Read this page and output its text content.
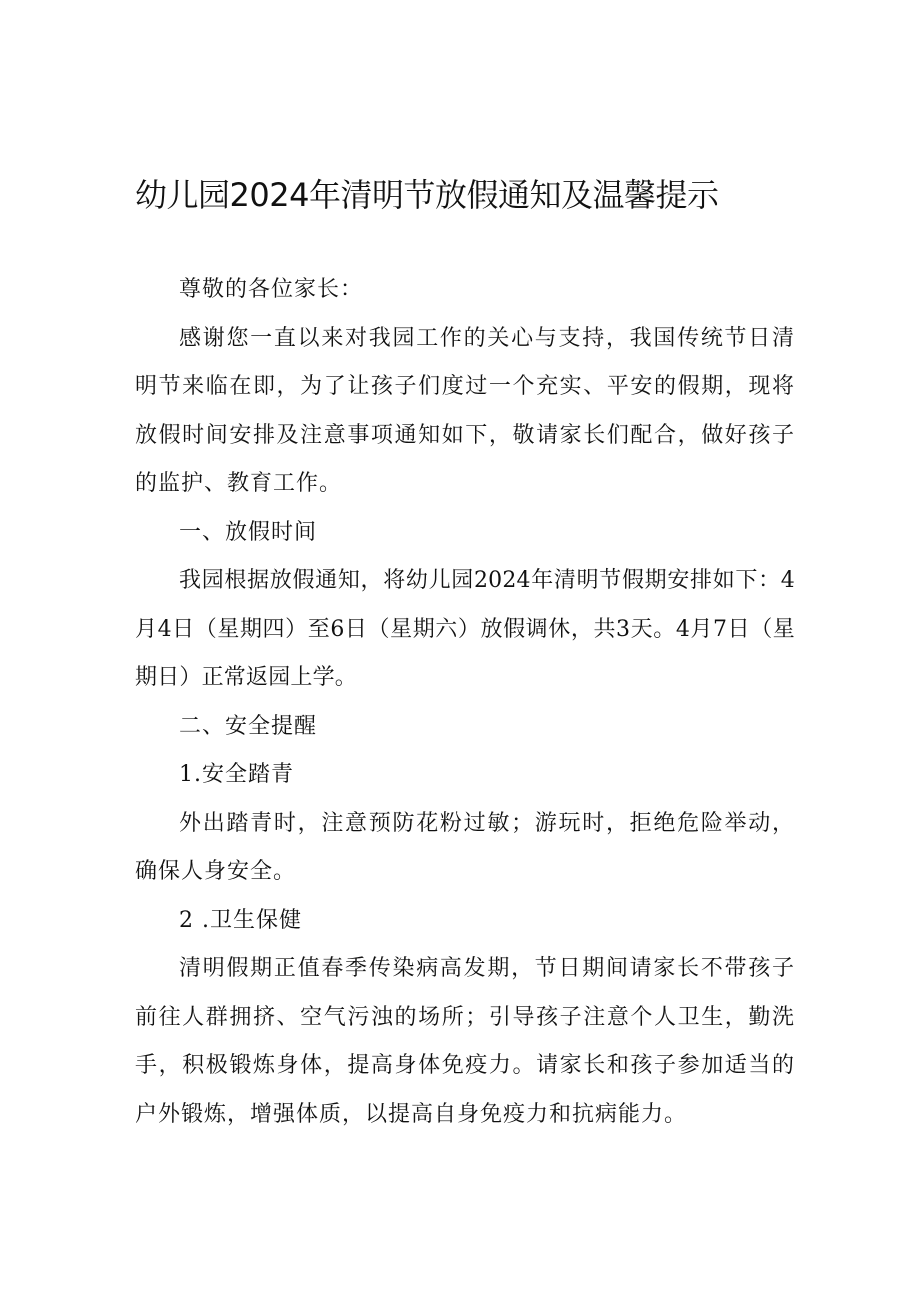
幼儿园2024年清明节放假通知及温馨提示

尊敬的各位家长：

感谢您一直以来对我园工作的关心与支持，我国传统节日清明节来临在即，为了让孩子们度过一个充实、平安的假期，现将放假时间安排及注意事项通知如下，敬请家长们配合，做好孩子的监护、教育工作。

一、放假时间

我园根据放假通知，将幼儿园2024年清明节假期安排如下：4月4日（星期四）至6日（星期六）放假调休，共3天。4月7日（星期日）正常返园上学。

二、安全提醒

1.安全踏青

外出踏青时，注意预防花粉过敏；游玩时，拒绝危险举动，确保人身安全。

2 .卫生保健

清明假期正值春季传染病高发期，节日期间请家长不带孩子前往人群拥挤、空气污浊的场所；引导孩子注意个人卫生，勤洗手，积极锻炼身体，提高身体免疫力。请家长和孩子参加适当的户外锻炼，增强体质，以提高自身免疫力和抗病能力。
